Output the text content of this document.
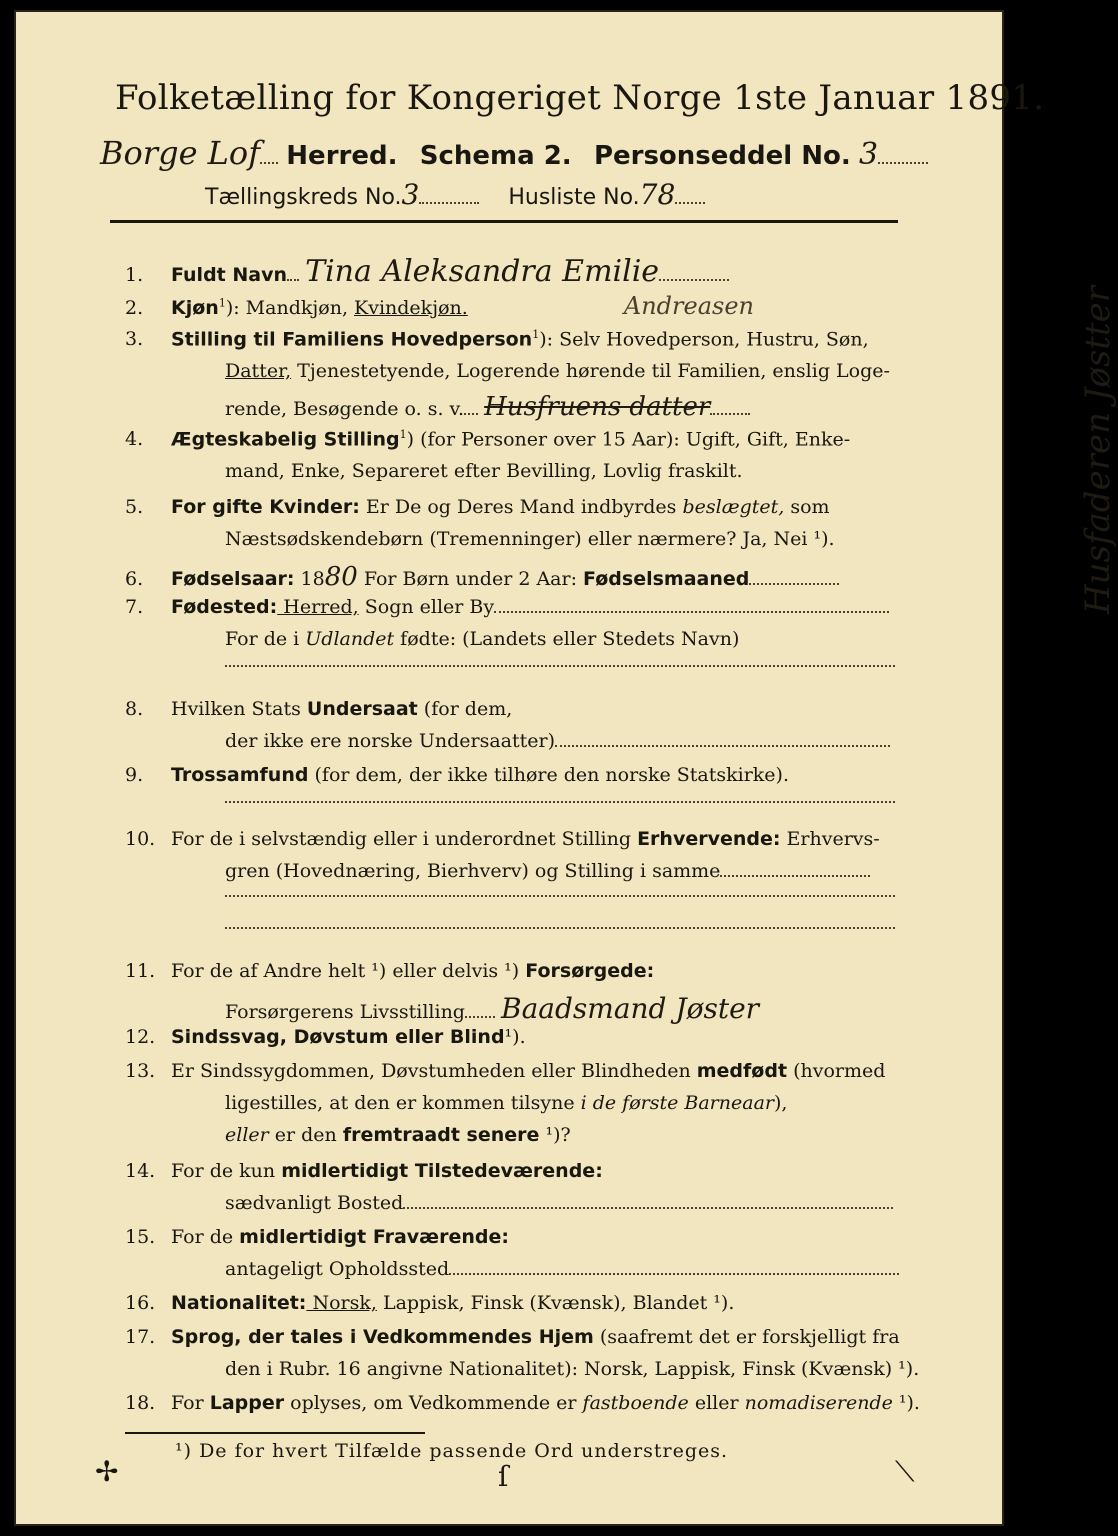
Folketælling for Kongeriget Norge 1ste Januar 1891.
Borge Lof Herred. Schema 2. Personseddel No. 3
Tællingskreds No.3	Husliste No.78
1. Fuldt Navn Tina Aleksandra Emilie
2. Kjøn$^1$): Mandkjøn, Kvindekjøn.	Andreasen
3. Stilling til Familiens Hovedperson$^1$): Selv Hovedperson, Hustru, Søn,
Datter, Tjenestetyende, Logerende hørende til Familien, enslig Loge-
rende, Besøgende o. s. v. Husfruens datter
4. Ægteskabelig Stilling$^1$) (for Personer over 15 Aar): Ugift, Gift, Enke-
mand, Enke, Separeret efter Bevilling, Lovlig fraskilt.
5. For gifte Kvinder: Er De og Deres Mand indbyrdes beslægtet, som
Næstsødskendebørn (Tremenninger) eller nærmere? Ja, Nei ¹).
6. Fødselsaar: 1880 For Børn under 2 Aar: Fødselsmaaned
7. Fødested: Herred, Sogn eller By
For de i Udlandet fødte: (Landets eller Stedets Navn)
8. Hvilken Stats Undersaat (for dem,
der ikke ere norske Undersaatter)
9. Trossamfund (for dem, der ikke tilhøre den norske Statskirke).
10. For de i selvstændig eller i underordnet Stilling Erhvervende: Erhvervs-
gren (Hovednæring, Bierhverv) og Stilling i samme
11. For de af Andre helt ¹) eller delvis ¹) Forsørgede:
Forsørgerens Livsstilling Baadsmand Jøster
12. Sindssvag, Døvstum eller Blind¹).
13. Er Sindssygdommen, Døvstumheden eller Blindheden medfødt (hvormed
ligestilles, at den er kommen tilsyne i de første Barneaar),
eller er den fremtraadt senere ¹)?
14. For de kun midlertidigt Tilstedeværende:
sædvanligt Bosted
15. For de midlertidigt Fraværende:
antageligt Opholdssted
16. Nationalitet: Norsk, Lappisk, Finsk (Kvænsk), Blandet ¹).
17. Sprog, der tales i Vedkommendes Hjem (saafremt det er forskjelligt fra
den i Rubr. 16 angivne Nationalitet): Norsk, Lappisk, Finsk (Kvænsk) ¹).
18. For Lapper oplyses, om Vedkommende er fastboende eller nomadiserende ¹).
¹) De for hvert Tilfælde passende Ord understreges.
Husfaderen Jøstter
✢	ſ	⟍
